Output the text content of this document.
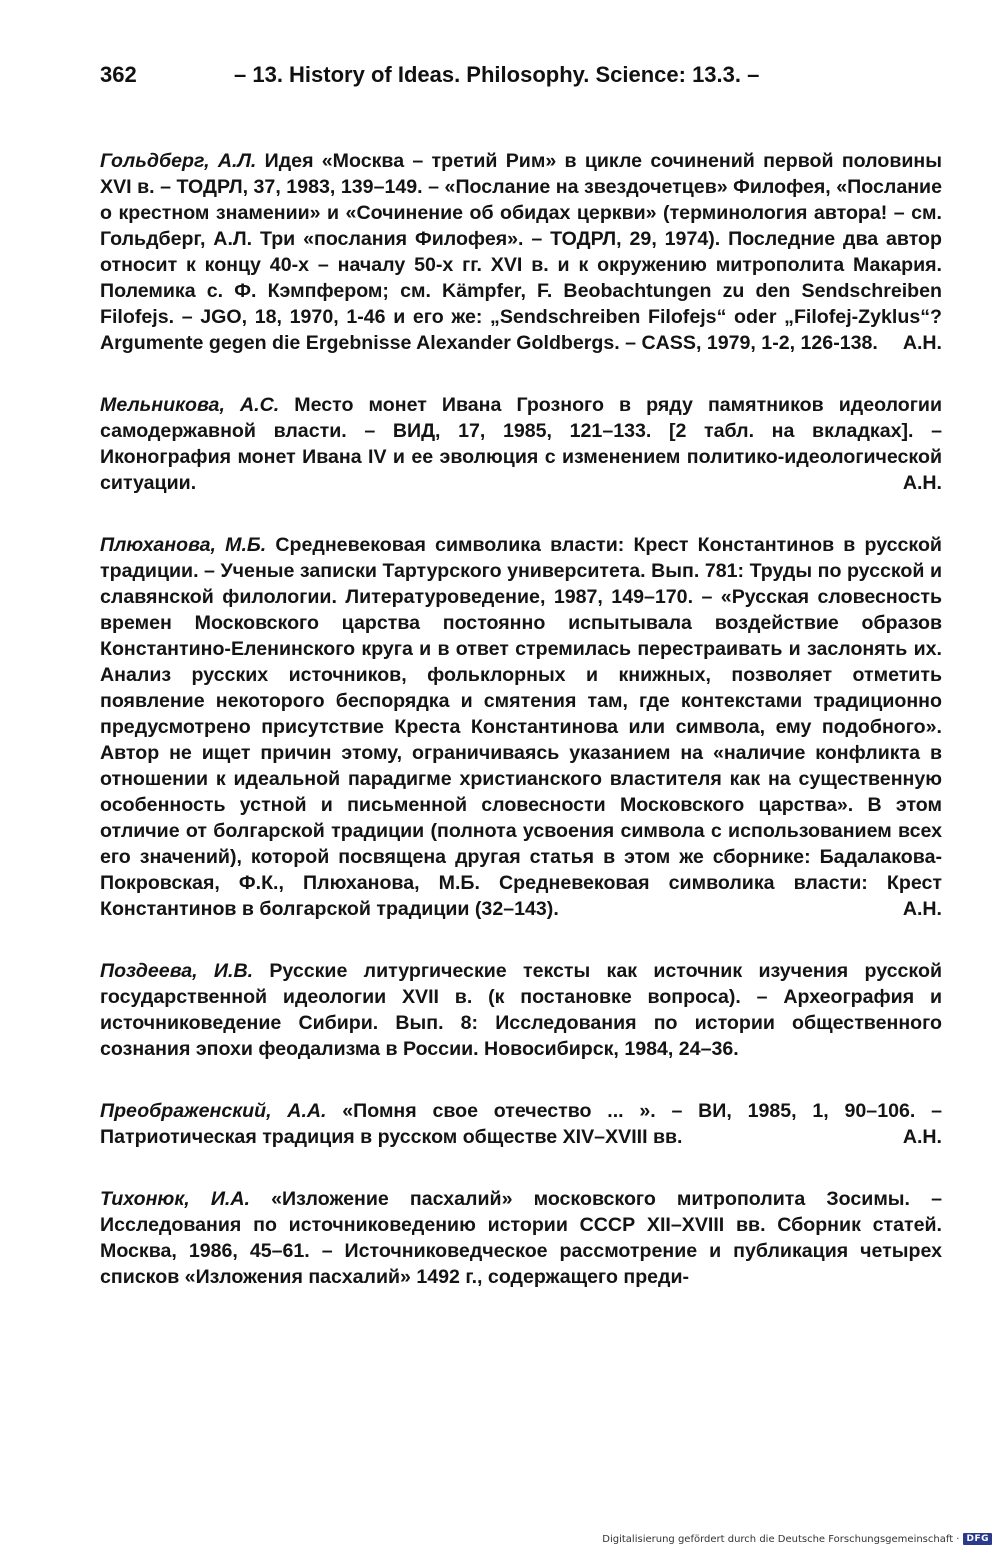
362	– 13. History of Ideas. Philosophy. Science: 13.3. –
Гольдберг, А.Л. Идея «Москва – третий Рим» в цикле сочинений первой половины XVI в. – ТОДРЛ, 37, 1983, 139–149. – «Послание на звездочетцев» Филофея, «Послание о крестном знамении» и «Сочинение об обидах церкви» (терминология автора! – см. Гольдберг, А.Л. Три «послания Филофея». – ТОДРЛ, 29, 1974). Последние два автор относит к концу 40-х – началу 50-х гг. XVI в. и к окружению митрополита Макария. Полемика с. Ф. Кэмпфером; см. Kämpfer, F. Beobachtungen zu den Sendschreiben Filofejs. – JGO, 18, 1970, 1-46 и его же: „Sendschreiben Filofejs“ oder „Filofej-Zyklus“? Argumente gegen die Ergebnisse Alexander Goldbergs. – CASS, 1979, 1-2, 126-138. А.Н.
Мельникова, А.С. Место монет Ивана Грозного в ряду памятников идеологии самодержавной власти. – ВИД, 17, 1985, 121–133. [2 табл. на вкладках]. – Иконография монет Ивана IV и ее эволюция с изменением политико-идеологической ситуации.	А.Н.
Плюханова, М.Б. Средневековая символика власти: Крест Константинов в русской традиции. – Ученые записки Тартурского университета. Вып. 781: Труды по русской и славянской филологии. Литературоведение, 1987, 149–170. – «Русская словесность времен Московского царства постоянно испытывала воздействие образов Константино-Еленинского круга и в ответ стремилась перестраивать и заслонять их. Анализ русских источников, фольклорных и книжных, позволяет отметить появление некоторого беспорядка и смятения там, где контекстами традиционно предусмотрено присутствие Креста Константинова или символа, ему подобного». Автор не ищет причин этому, ограничиваясь указанием на «наличие конфликта в отношении к идеальной парадигме христианского властителя как на существенную особенность устной и письменной словесности Московского царства». В этом отличие от болгарской традиции (полнота усвоения символа с использованием всех его значений), которой посвящена другая статья в этом же сборнике: Бадалакова-Покровская, Ф.К., Плюханова, М.Б. Средневековая символика власти: Крест Константинов в болгарской традиции (32–143).	А.Н.
Поздеева, И.В. Русские литургические тексты как источник изучения русской государственной идеологии XVII в. (к постановке вопроса). – Археография и источниковедение Сибири. Вып. 8: Исследования по истории общественного сознания эпохи феодализма в России. Новосибирск, 1984, 24–36.
Преображенский, А.А. «Помня свое отечество ... ». – ВИ, 1985, 1, 90–106. – Патриотическая традиция в русском обществе XIV–XVIII вв.	А.Н.
Тихонюк, И.А. «Изложение пасхалий» московского митрополита Зосимы. – Исследования по источниковедению истории СССР XII–XVIII вв. Сборник статей. Москва, 1986, 45–61. – Источниковедческое рассмотрение и публикация четырех списков «Изложения пасхалий» 1492 г., содержащего преди-
Digitalisierung gefördert durch die Deutsche Forschungsgemeinschaft · DFG
